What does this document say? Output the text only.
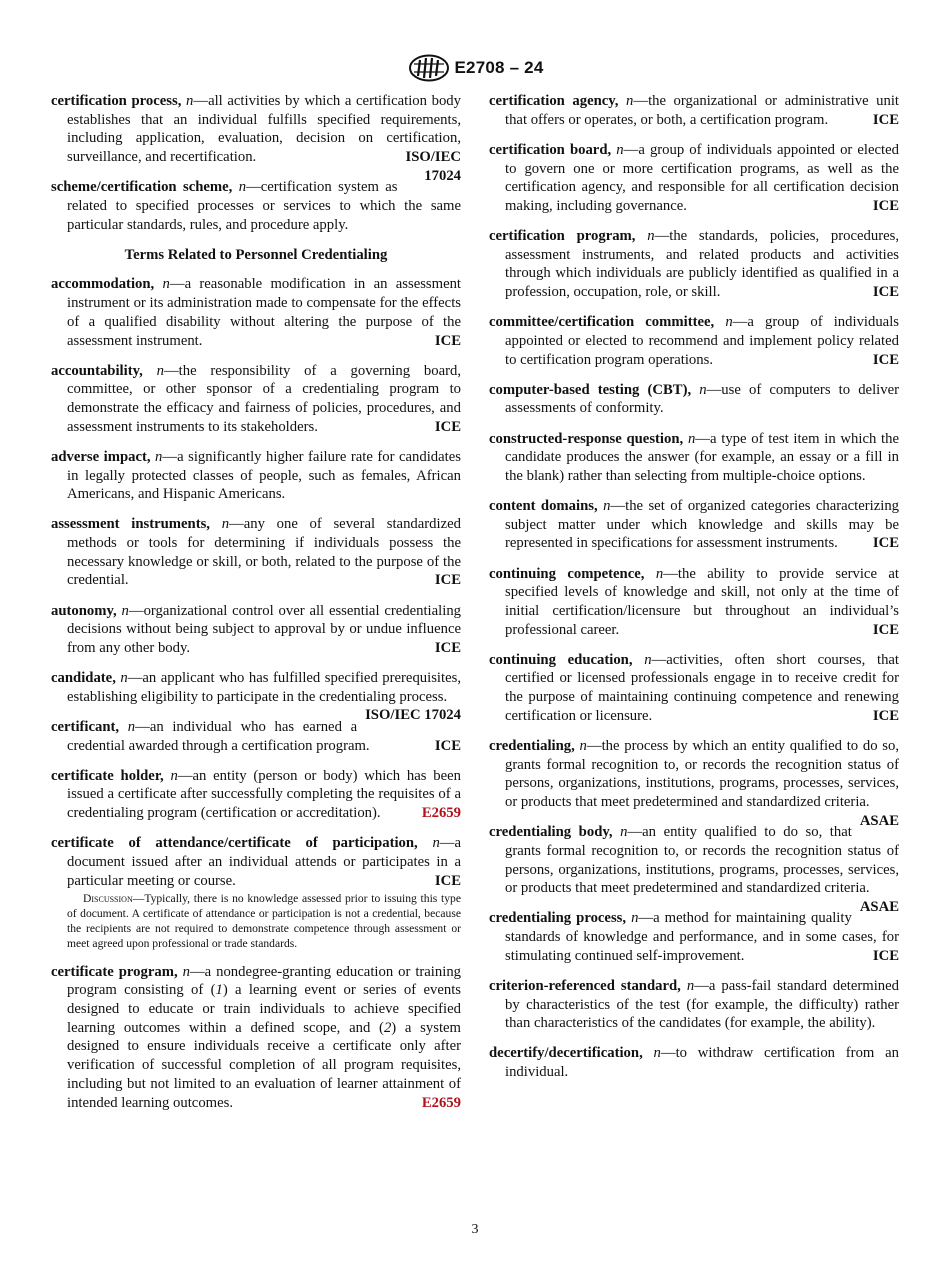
E2708 – 24

certification process, n—all activities by which a certification body establishes that an individual fulfills specified requirements, including application, evaluation, decision on certification, surveillance, and recertification.	ISO/IEC
17024

scheme/certification scheme, n—certification system as related to specified processes or services to which the same particular standards, rules, and procedure apply.

Terms Related to Personnel Credentialing

accommodation, n—a reasonable modification in an assessment instrument or its administration made to compensate for the effects of a qualified disability without altering the purpose of the assessment instrument.	ICE

accountability, n—the responsibility of a governing board, committee, or other sponsor of a credentialing program to demonstrate the efficacy and fairness of policies, procedures, and assessment instruments to its stakeholders.	ICE

adverse impact, n—a significantly higher failure rate for candidates in legally protected classes of people, such as females, African Americans, and Hispanic Americans.

assessment instruments, n—any one of several standardized methods or tools for determining if individuals possess the necessary knowledge or skill, or both, related to the purpose of the credential.	ICE

autonomy, n—organizational control over all essential credentialing decisions without being subject to approval by or undue influence from any other body.	ICE

candidate, n—an applicant who has fulfilled specified prerequisites, establishing eligibility to participate in the credentialing process.
ISO/IEC 17024

certificant, n—an individual who has earned a credential awarded through a certification program.	ICE

certificate holder, n—an entity (person or body) which has been issued a certificate after successfully completing the requisites of a credentialing program (certification or accreditation).	E2659

certificate of attendance/certificate of participation, n—a document issued after an individual attends or participates in a particular meeting or course.	ICE
Discussion—Typically, there is no knowledge assessed prior to issuing this type of document. A certificate of attendance or participation is not a credential, because the recipients are not required to demonstrate competence through assessment or meet agreed upon professional or trade standards.

certificate program, n—a nondegree-granting education or training program consisting of (1) a learning event or series of events designed to educate or train individuals to achieve specified learning outcomes within a defined scope, and (2) a system designed to ensure individuals receive a certificate only after verification of successful completion of all program requisites, including but not limited to an evaluation of learner attainment of intended learning outcomes.	E2659

certification agency, n—the organizational or administrative unit that offers or operates, or both, a certification program.	ICE

certification board, n—a group of individuals appointed or elected to govern one or more certification programs, as well as the certification agency, and responsible for all certification decision making, including governance.	ICE

certification program, n—the standards, policies, procedures, assessment instruments, and related products and activities through which individuals are publicly identified as qualified in a profession, occupation, role, or skill.	ICE

committee/certification committee, n—a group of individuals appointed or elected to recommend and implement policy related to certification program operations.	ICE

computer-based testing (CBT), n—use of computers to deliver assessments of conformity.

constructed-response question, n—a type of test item in which the candidate produces the answer (for example, an essay or a fill in the blank) rather than selecting from multiple-choice options.

content domains, n—the set of organized categories characterizing subject matter under which knowledge and skills may be represented in specifications for assessment instruments. ICE

continuing competence, n—the ability to provide service at specified levels of knowledge and skill, not only at the time of initial certification/licensure but throughout an individual’s professional career.	ICE

continuing education, n—activities, often short courses, that certified or licensed professionals engage in to receive credit for the purpose of maintaining continuing competence and renewing certification or licensure.	ICE

credentialing, n—the process by which an entity qualified to do so, grants formal recognition to, or records the recognition status of persons, organizations, institutions, programs, processes, services, or products that meet predetermined and standardized criteria.
ASAE

credentialing body, n—an entity qualified to do so, that grants formal recognition to, or records the recognition status of persons, organizations, institutions, programs, processes, services, or products that meet predetermined and standardized criteria.
ASAE

credentialing process, n—a method for maintaining quality standards of knowledge and performance, and in some cases, for stimulating continued self-improvement.	ICE

criterion-referenced standard, n—a pass-fail standard determined by characteristics of the test (for example, the difficulty) rather than characteristics of the candidates (for example, the ability).

decertify/decertification, n—to withdraw certification from an individual.

3
